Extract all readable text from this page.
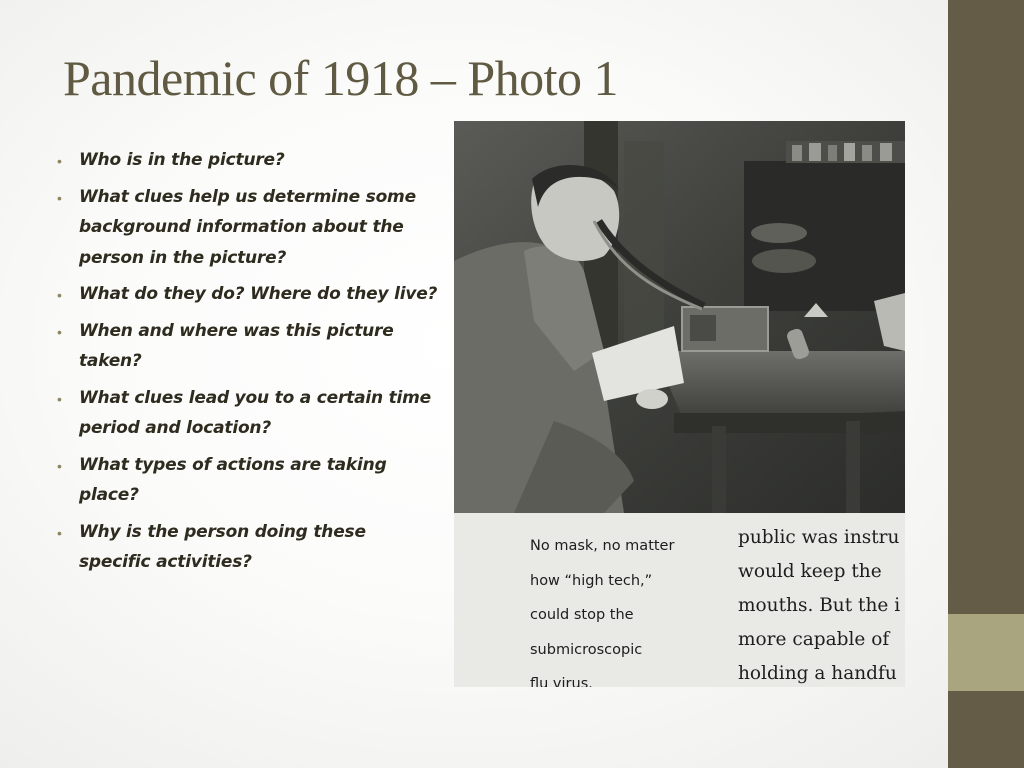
Pandemic of 1918 – Photo 1
• Who is in the picture?
• What clues help us determine some background information about the person in the picture?
• What do they do? Where do they live?
• When and where was this picture taken?
• What clues lead you to a certain time period and location?
• What types of actions are taking place?
• Why is the person doing these specific activities?
No mask, no matter
how “high tech,”
could stop the
submicroscopic
flu virus.
public was instru
would keep the
mouths. But the i
more capable of
holding a handfu
